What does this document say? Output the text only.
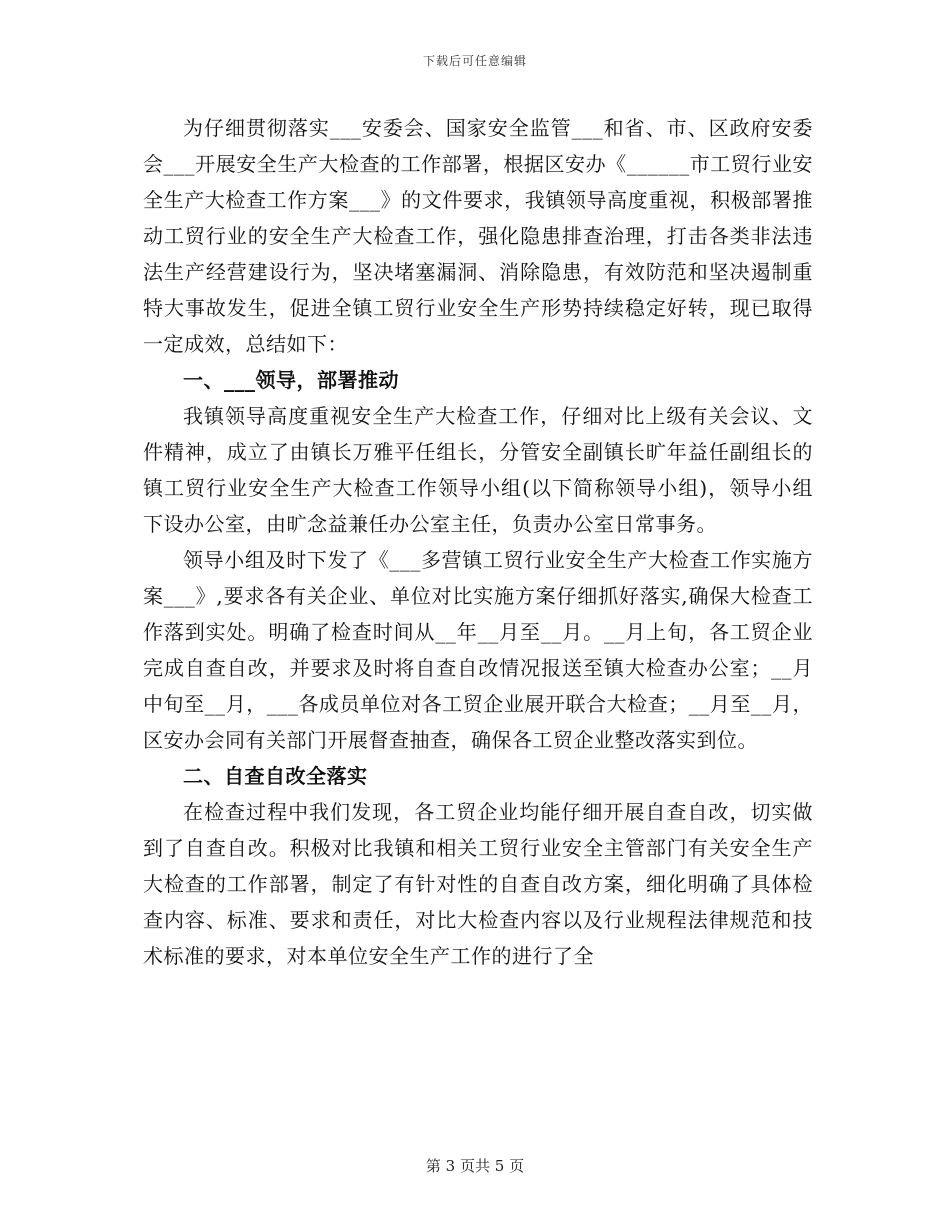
下载后可任意编辑

为仔细贯彻落实___安委会、国家安全监管___和省、市、区政府安委会___开展安全生产大检查的工作部署，根据区安办《______市工贸行业安全生产大检查工作方案___》的文件要求，我镇领导高度重视，积极部署推动工贸行业的安全生产大检查工作，强化隐患排查治理，打击各类非法违法生产经营建设行为，坚决堵塞漏洞、消除隐患，有效防范和坚决遏制重特大事故发生，促进全镇工贸行业安全生产形势持续稳定好转，现已取得一定成效，总结如下：

一、___领导，部署推动

我镇领导高度重视安全生产大检查工作，仔细对比上级有关会议、文件精神，成立了由镇长万雅平任组长，分管安全副镇长旷年益任副组长的镇工贸行业安全生产大检查工作领导小组(以下简称领导小组)，领导小组下设办公室，由旷念益兼任办公室主任，负责办公室日常事务。

领导小组及时下发了《___多营镇工贸行业安全生产大检查工作实施方案___》,要求各有关企业、单位对比实施方案仔细抓好落实,确保大检查工作落到实处。明确了检查时间从__年__月至__月。__月上旬，各工贸企业完成自查自改，并要求及时将自查自改情况报送至镇大检查办公室；__月中旬至__月，___各成员单位对各工贸企业展开联合大检查；__月至__月，区安办会同有关部门开展督查抽查，确保各工贸企业整改落实到位。

二、自查自改全落实

在检查过程中我们发现，各工贸企业均能仔细开展自查自改，切实做到了自查自改。积极对比我镇和相关工贸行业安全主管部门有关安全生产大检查的工作部署，制定了有针对性的自查自改方案，细化明确了具体检查内容、标准、要求和责任，对比大检查内容以及行业规程法律规范和技术标准的要求，对本单位安全生产工作的进行了全

第 3 页共 5 页
